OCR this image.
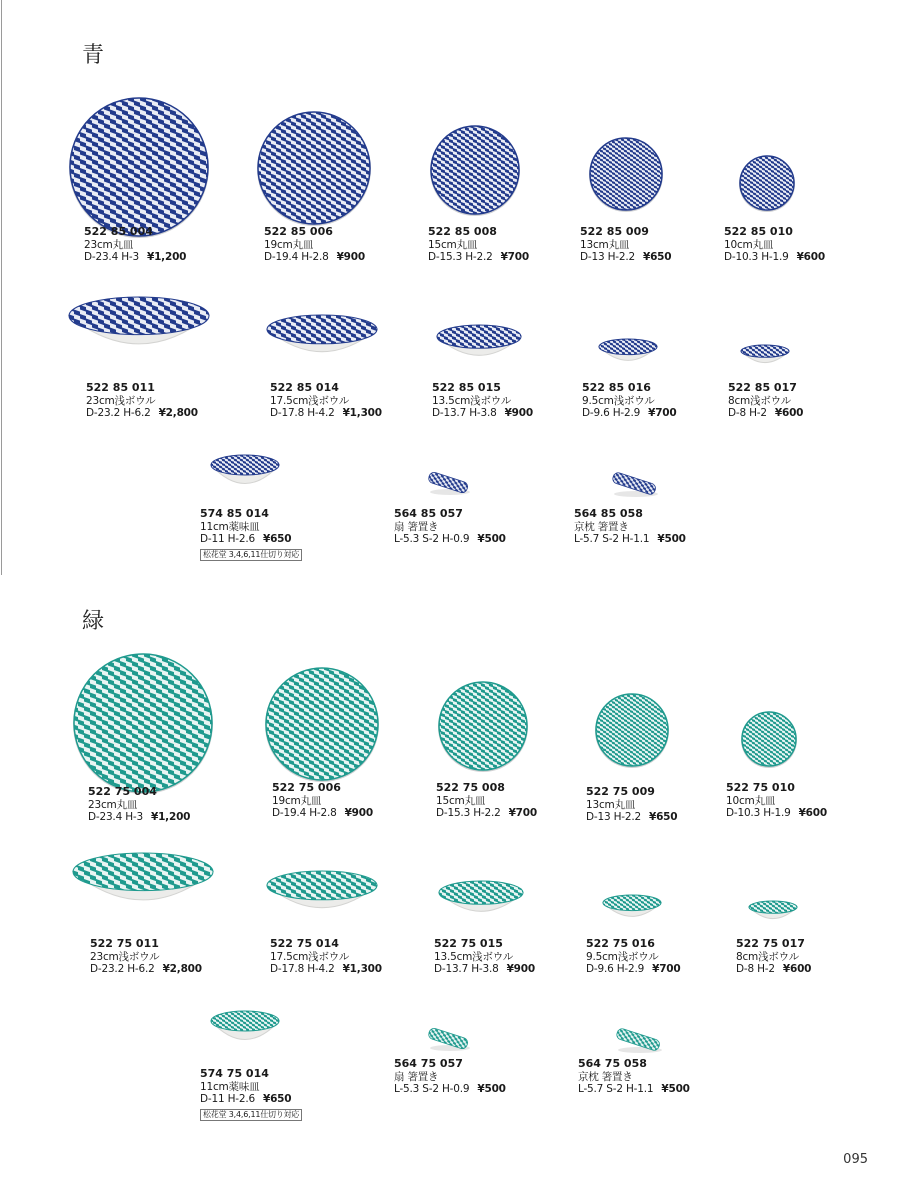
青
緑
095
522 85 004
23cm丸皿
D-23.4 H-3 ¥1,200
522 85 006
19cm丸皿
D-19.4 H-2.8 ¥900
522 85 008
15cm丸皿
D-15.3 H-2.2 ¥700
522 85 009
13cm丸皿
D-13 H-2.2 ¥650
522 85 010
10cm丸皿
D-10.3 H-1.9 ¥600
522 85 011
23cm浅ボウル
D-23.2 H-6.2 ¥2,800
522 85 014
17.5cm浅ボウル
D-17.8 H-4.2 ¥1,300
522 85 015
13.5cm浅ボウル
D-13.7 H-3.8 ¥900
522 85 016
9.5cm浅ボウル
D-9.6 H-2.9 ¥700
522 85 017
8cm浅ボウル
D-8 H-2 ¥600
574 85 014
11cm薬味皿
D-11 H-2.6 ¥650
松花堂 3,4,6,11仕切り対応
564 85 057
扇 箸置き
L-5.3 S-2 H-0.9 ¥500
564 85 058
京枕 箸置き
L-5.7 S-2 H-1.1 ¥500
522 75 004
23cm丸皿
D-23.4 H-3 ¥1,200
522 75 006
19cm丸皿
D-19.4 H-2.8 ¥900
522 75 008
15cm丸皿
D-15.3 H-2.2 ¥700
522 75 009
13cm丸皿
D-13 H-2.2 ¥650
522 75 010
10cm丸皿
D-10.3 H-1.9 ¥600
522 75 011
23cm浅ボウル
D-23.2 H-6.2 ¥2,800
522 75 014
17.5cm浅ボウル
D-17.8 H-4.2 ¥1,300
522 75 015
13.5cm浅ボウル
D-13.7 H-3.8 ¥900
522 75 016
9.5cm浅ボウル
D-9.6 H-2.9 ¥700
522 75 017
8cm浅ボウル
D-8 H-2 ¥600
574 75 014
11cm薬味皿
D-11 H-2.6 ¥650
松花堂 3,4,6,11仕切り対応
564 75 057
扇 箸置き
L-5.3 S-2 H-0.9 ¥500
564 75 058
京枕 箸置き
L-5.7 S-2 H-1.1 ¥500
